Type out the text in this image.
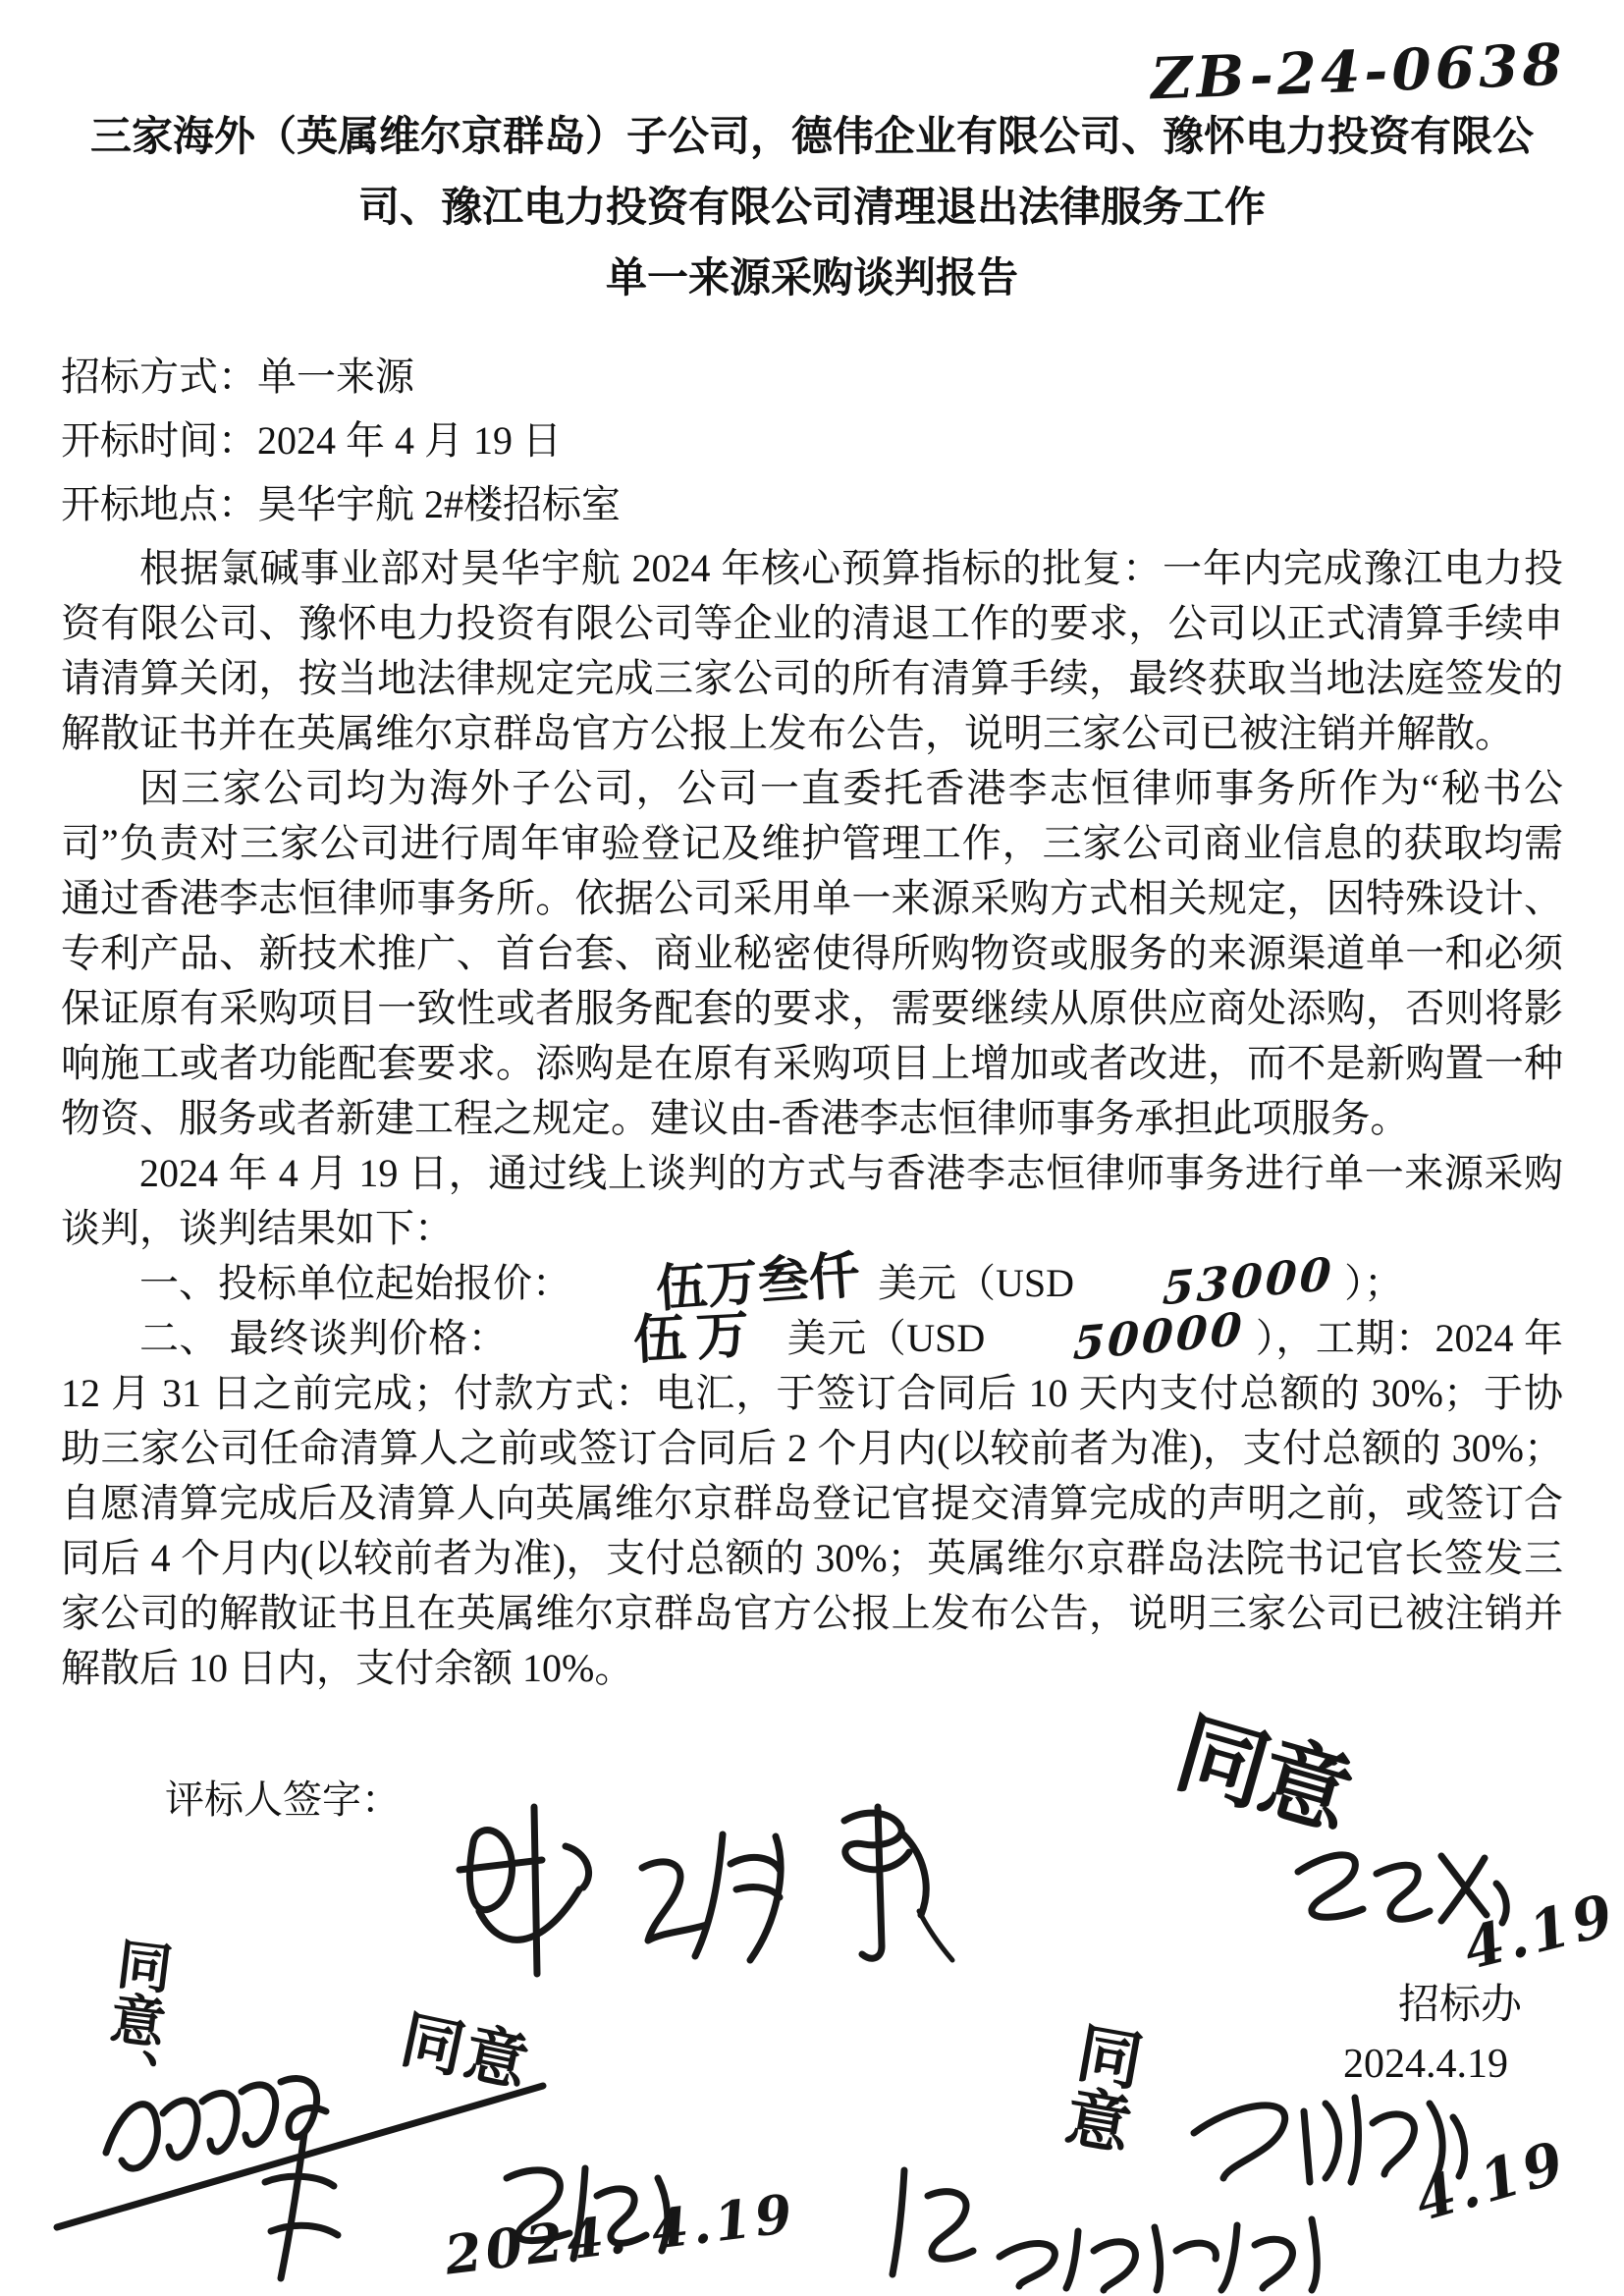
ZB-24-0638
三家海外（英属维尔京群岛）子公司，德伟企业有限公司、豫怀电力投资有限公
司、豫江电力投资有限公司清理退出法律服务工作
单一来源采购谈判报告

招标方式：单一来源

开标时间：2024 年 4 月 19 日

开标地点：昊华宇航 2#楼招标室

根据氯碱事业部对昊华宇航 2024 年核心预算指标的批复：一年内完成豫江电力投资有限公司、豫怀电力投资有限公司等企业的清退工作的要求，公司以正式清算手续申请清算关闭，按当地法律规定完成三家公司的所有清算手续，最终获取当地法庭签发的解散证书并在英属维尔京群岛官方公报上发布公告，说明三家公司已被注销并解散。

因三家公司均为海外子公司，公司一直委托香港李志恒律师事务所作为“秘书公司”负责对三家公司进行周年审验登记及维护管理工作，三家公司商业信息的获取均需通过香港李志恒律师事务所。依据公司采用单一来源采购方式相关规定，因特殊设计、专利产品、新技术推广、首台套、商业秘密使得所购物资或服务的来源渠道单一和必须保证原有采购项目一致性或者服务配套的要求，需要继续从原供应商处添购，否则将影响施工或者功能配套要求。添购是在原有采购项目上增加或者改进，而不是新购置一种物资、服务或者新建工程之规定。建议由-香港李志恒律师事务承担此项服务。

2024 年 4 月 19 日，通过线上谈判的方式与香港李志恒律师事务进行单一来源采购谈判，谈判结果如下：

一、投标单位起始报价： 伍万叁仟 美元（USD 53000 ）；

二、 最终谈判价格： 伍万 美元（USD 50000 ），工期：2024 年 12 月 31 日之前完成；付款方式：电汇，于签订合同后 10 天内支付总额的 30%；于协助三家公司任命清算人之前或签订合同后 2 个月内(以较前者为准)，支付总额的 30%；自愿清算完成后及清算人向英属维尔京群岛登记官提交清算完成的声明之前，或签订合同后 4 个月内(以较前者为准)，支付总额的 30%；英属维尔京群岛法院书记官长签发三家公司的解散证书且在英属维尔京群岛官方公报上发布公告，说明三家公司已被注销并解散后 10 日内，支付余额 10%。

评标人签字：	同意
4.19
招标办
2024.4.19
同意、	同意
2024. 4.19
同意
4.19
